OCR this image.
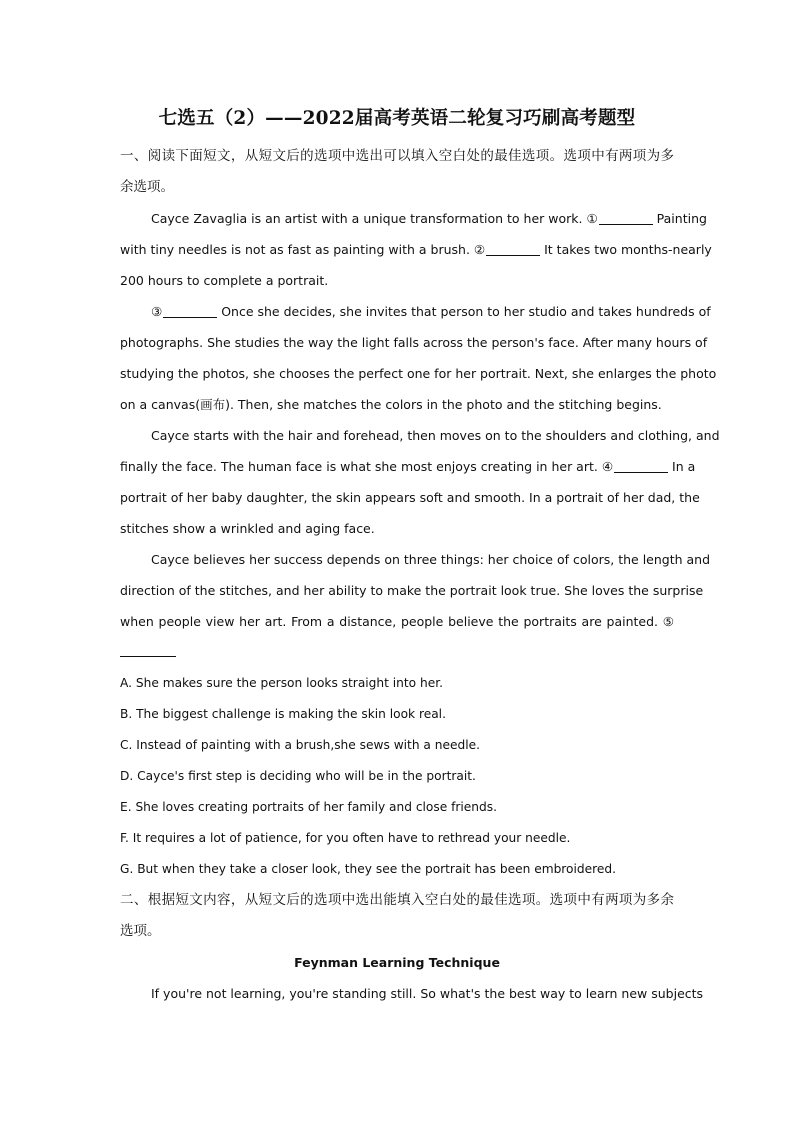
七选五（2）——2022届高考英语二轮复习巧刷高考题型
一、阅读下面短文，从短文后的选项中选出可以填入空白处的最佳选项。选项中有两项为多
余选项。
Cayce Zavaglia is an artist with a unique transformation to her work. ①	Painting
with tiny needles is not as fast as painting with a brush. ②	It takes two months-nearly
200 hours to complete a portrait.
③	Once she decides, she invites that person to her studio and takes hundreds of
photographs. She studies the way the light falls across the person's face. After many hours of
studying the photos, she chooses the perfect one for her portrait. Next, she enlarges the photo
on a canvas(画布). Then, she matches the colors in the photo and the stitching begins.
Cayce starts with the hair and forehead, then moves on to the shoulders and clothing, and
finally the face. The human face is what she most enjoys creating in her art. ④	In a
portrait of her baby daughter, the skin appears soft and smooth. In a portrait of her dad, the
stitches show a wrinkled and aging face.
Cayce believes her success depends on three things: her choice of colors, the length and
direction of the stitches, and her ability to make the portrait look true. She loves the surprise
when people view her art. From a distance, people believe the portraits are painted. ⑤
A. She makes sure the person looks straight into her.
B. The biggest challenge is making the skin look real.
C. Instead of painting with a brush,she sews with a needle.
D. Cayce's first step is deciding who will be in the portrait.
E. She loves creating portraits of her family and close friends.
F. It requires a lot of patience, for you often have to rethread your needle.
G. But when they take a closer look, they see the portrait has been embroidered.
二、根据短文内容，从短文后的选项中选出能填入空白处的最佳选项。选项中有两项为多余
选项。
Feynman Learning Technique
If you're not learning, you're standing still. So what's the best way to learn new subjects
